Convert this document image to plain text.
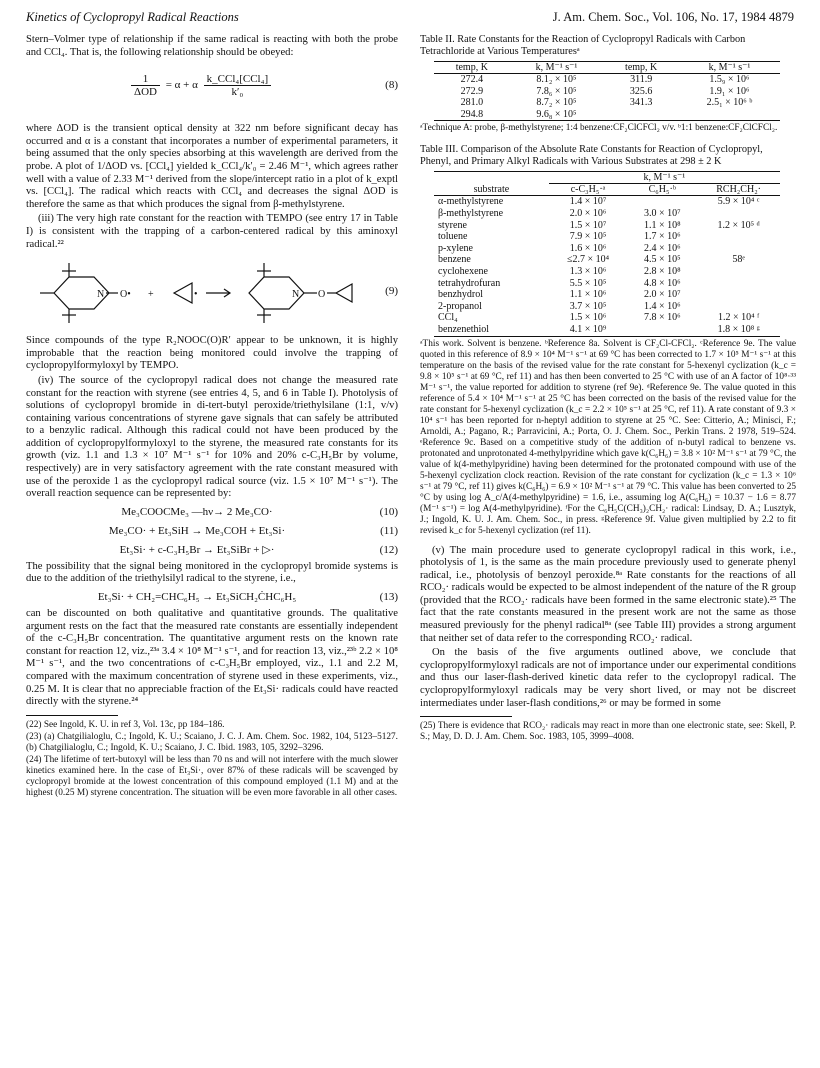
Kinetics of Cyclopropyl Radical Reactions	J. Am. Chem. Soc., Vol. 106, No. 17, 1984 4879

Stern–Volmer type of relationship if the same radical is reacting with both the probe and CCl₄. That is, the following relationship should be obeyed:

$\frac{1}{\text{ΔOD}} = \alpha + \alpha \frac{\text{k\_CCl₄[CCl₄]}}{\text{k′₀}}$	(8)

where ΔOD is the transient optical density at 322 nm before significant decay has occurred and α is a constant that incorporates a number of experimental parameters, it being assumed that the only species absorbing at this wavelength are derived from the probe. A plot of 1/ΔOD vs. [CCl₄] yielded k_CCl₄/k′₀ = 2.46 M⁻¹, which agrees rather well with a value of 2.33 M⁻¹ derived from the slope/intercept ratio in a plot of k_exptl vs. [CCl₄]. The radical which reacts with CCl₄ and decreases the signal ΔOD is therefore the same as that which produces the signal from β-methylstyrene.

(iii) The very high rate constant for the reaction with TEMPO (see entry 17 in Table I) is consistent with the trapping of a carbon-centered radical by this aminoxyl radical.²²

N O• +	•	N O	(9)

Since compounds of the type R₂NOOC(O)R′ appear to be unknown, it is highly improbable that the reaction being monitored could involve the trapping of cyclopropylformyloxyl by TEMPO.

(iv) The source of the cyclopropyl radical does not change the measured rate constant for the reaction with styrene (see entries 4, 5, and 6 in Table I). Photolysis of solutions of cyclopropyl bromide in di-tert-butyl peroxide/triethylsilane (1:1, v/v) containing various concentrations of styrene gave signals that can safely be attributed to a benzylic radical. Although this radical could not have been produced by the addition of cyclopropylformyloxyl to the styrene, the measured rate constants for its growth (viz. 1.1 and 1.3 × 10⁷ M⁻¹ s⁻¹ for 10% and 20% c-C₃H₅Br by volume, respectively) are in very satisfactory agreement with the rate constant measured with use of the peroxide 1 as the cyclopropyl radical source (viz. 1.5 × 10⁷ M⁻¹ s⁻¹). The overall reaction sequence can be represented by:

Me₃COOCMe₃ —hν→ 2 Me₃CO·	(10)
Me₃CO· + Et₃SiH → Me₃COH + Et₃Si·	(11)
Et₃Si· + c-C₃H₅Br → Et₃SiBr + ▷·	(12)

The possibility that the signal being monitored in the cyclopropyl bromide systems is due to the addition of the triethylsilyl radical to the styrene, i.e.,

Et₃Si· + CH₂=CHC₆H₅ → Et₃SiCH₂ĊHC₆H₅	(13)

can be discounted on both qualitative and quantitative grounds. The qualitative argument rests on the fact that the measured rate constants are essentially independent of the c-C₃H₅Br concentration. The quantitative argument rests on the known rate constant for reaction 12, viz.,²³ᵃ 3.4 × 10⁸ M⁻¹ s⁻¹, and for reaction 13, viz.,²³ᵇ 2.2 × 10⁸ M⁻¹ s⁻¹, and the two concentrations of c-C₃H₅Br employed, viz., 1.1 and 2.2 M, compared with the maximum concentration of styrene used in these experiments, viz., 0.25 M. It is clear that no appreciable fraction of the Et₃Si· radicals could have reacted directly with the styrene.²⁴

(22) See Ingold, K. U. in ref 3, Vol. 13c, pp 184–186.

(23) (a) Chatgilialoglu, C.; Ingold, K. U.; Scaiano, J. C. J. Am. Chem. Soc. 1982, 104, 5123–5127. (b) Chatgilialoglu, C.; Ingold, K. U.; Scaiano, J. C. Ibid. 1983, 105, 3292–3296.

(24) The lifetime of tert-butoxyl will be less than 70 ns and will not interfere with the much slower kinetics examined here. In the case of Et₃Si·, over 87% of these radicals will be scavenged by cyclopropyl bromide at the lowest concentration of this compound employed (1.1 M) and at the highest (0.25 M) styrene concentration. The situation will be even more favorable in all other cases.

Table II. Rate Constants for the Reaction of Cyclopropyl Radicals with Carbon Tetrachloride at Various Temperaturesᵃ
temp, K	k, M⁻¹ s⁻¹	temp, K	k, M⁻¹ s⁻¹
272.4	8.1₂ × 10⁵	311.9	1.5₉ × 10⁶
272.9	7.8₆ × 10⁵	325.6	1.9₁ × 10⁶
281.0	8.7₂ × 10⁵	341.3	2.5₁ × 10⁶ ᵇ
294.8	9.6₈ × 10⁵		

ᵃTechnique A: probe, β-methylstyrene; 1:4 benzene:CF₂ClCFCl₂ v/v. ᵇ1:1 benzene:CF₂ClCFCl₂.

Table III. Comparison of the Absolute Rate Constants for Reaction of Cyclopropyl, Phenyl, and Primary Alkyl Radicals with Various Substrates at 298 ± 2 K
	k, M⁻¹ s⁻¹		
substrate	c-C₃H₅·ᵃ	C₆H₅·ᵇ	RCH₂CH₂·
α-methylstyrene	1.4 × 10⁷		5.9 × 10⁴ ᶜ
β-methylstyrene	2.0 × 10⁶	3.0 × 10⁷	
styrene	1.5 × 10⁷	1.1 × 10⁸	1.2 × 10⁵ ᵈ
toluene	7.9 × 10⁵	1.7 × 10⁶	
p-xylene	1.6 × 10⁶	2.4 × 10⁶	
benzene	≤2.7 × 10⁴	4.5 × 10⁵	58ᵉ
cyclohexene	1.3 × 10⁶	2.8 × 10⁸	
tetrahydrofuran	5.5 × 10⁵	4.8 × 10⁶	
benzhydrol	1.1 × 10⁶	2.0 × 10⁷	
2-propanol	3.7 × 10⁵	1.4 × 10⁶	
CCl₄	1.5 × 10⁶	7.8 × 10⁶	1.2 × 10⁴ ᶠ
benzenethiol	4.1 × 10⁹		1.8 × 10⁸ ᵍ

ᵃThis work. Solvent is benzene. ᵇReference 8a. Solvent is CF₂Cl-CFCl₂. ᶜReference 9e. The value quoted in this reference of 8.9 × 10⁴ M⁻¹ s⁻¹ at 69 °C has been corrected to 1.7 × 10⁵ M⁻¹ s⁻¹ at this temperature on the basis of the revised value for the rate constant for 5-hexenyl cyclization (k_c = 9.8 × 10⁵ s⁻¹ at 69 °C, ref 11) and has then been converted to 25 °C with use of an A factor of 10⁸·³³ M⁻¹ s⁻¹, the value reported for addition to styrene (ref 9e). ᵈReference 9e. The value quoted in this reference of 5.4 × 10⁴ M⁻¹ s⁻¹ at 25 °C has been corrected on the basis of the revised value for the rate constant for 5-hexenyl cyclization (k_c = 2.2 × 10⁵ s⁻¹ at 25 °C, ref 11). A rate constant of 9.3 × 10⁴ s⁻¹ has been reported for n-heptyl addition to styrene at 25 °C. See: Citterio, A.; Minisci, F.; Arnoldi, A.; Pagano, R.; Parravicini, A.; Porta, O. J. Chem. Soc., Perkin Trans. 2 1978, 519–524. ᵉReference 9c. Based on a competitive study of the addition of n-butyl radical to benzene vs. protonated and unprotonated 4-methylpyridine which gave k(C₆H₆) = 3.8 × 10² M⁻¹ s⁻¹ at 79 °C, the value of k(4-methylpyridine) having been determined for the protonated compound with use of the 5-hexenyl cyclization clock reaction. Revision of the rate constant for cyclization (k_c = 1.3 × 10⁶ s⁻¹ at 79 °C, ref 11) gives k(C₆H₆) = 6.9 × 10² M⁻¹ s⁻¹ at 79 °C. This value has been converted to 25 °C by using log A_c/A(4-methylpyridine) = 1.6, i.e., assuming log A(C₆H₆) = 10.37 − 1.6 = 8.77 (M⁻¹ s⁻¹) = log A(4-methylpyridine). ᶠFor the C₆H₅C(CH₃)₂CH₂· radical: Lindsay, D. A.; Lusztyk, J.; Ingold, K. U. J. Am. Chem. Soc., in press. ᵍReference 9f. Value given multiplied by 2.2 to fit revised k_c for 5-hexenyl cyclization (ref 11).

(v) The main procedure used to generate cyclopropyl radical in this work, i.e., photolysis of 1, is the same as the main procedure previously used to generate phenyl radical, i.e., photolysis of benzoyl peroxide.⁸ᵃ Rate constants for the reactions of all RCO₂· radicals would be expected to be almost independent of the nature of the R group (provided that the RCO₂· radicals have been formed in the same electronic state).²⁵ The fact that the rate constants measured in the present work are not the same as those measured previously for the phenyl radical⁸ᵃ (see Table III) provides a strong argument that neither set of data refer to the corresponding RCO₂· radical.

On the basis of the five arguments outlined above, we conclude that cyclopropylformyloxyl radicals are not of importance under our experimental conditions and thus our laser-flash-derived kinetic data refer to the cyclopropyl radical. The cyclopropylformyloxyl radicals may be very short lived, or may not be discreet intermediates under laser-flash conditions,²⁶ or may be formed in some

(25) There is evidence that RCO₂· radicals may react in more than one electronic state, see: Skell, P. S.; May, D. D. J. Am. Chem. Soc. 1983, 105, 3999–4008.
